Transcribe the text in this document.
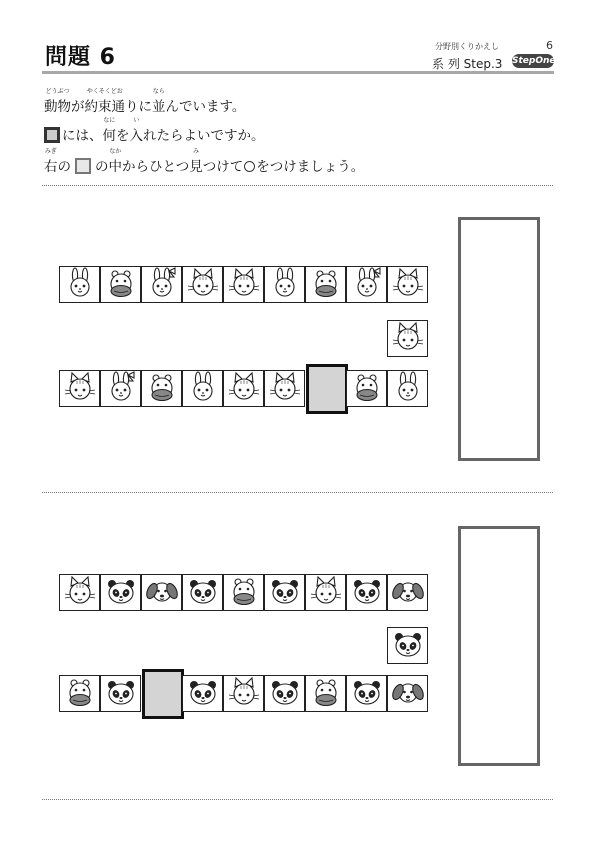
問題 6	分野別くりかえし	6
系 列 Step.3 StepOne
どうぶつ
動物が
やくそくどお
約束通りに
なら
並んでいます。
には、
なに
何を
い
入れたらよいですか。
みぎ
右の の
なか
中からひとつ
み
見つけて○をつけましょう。
